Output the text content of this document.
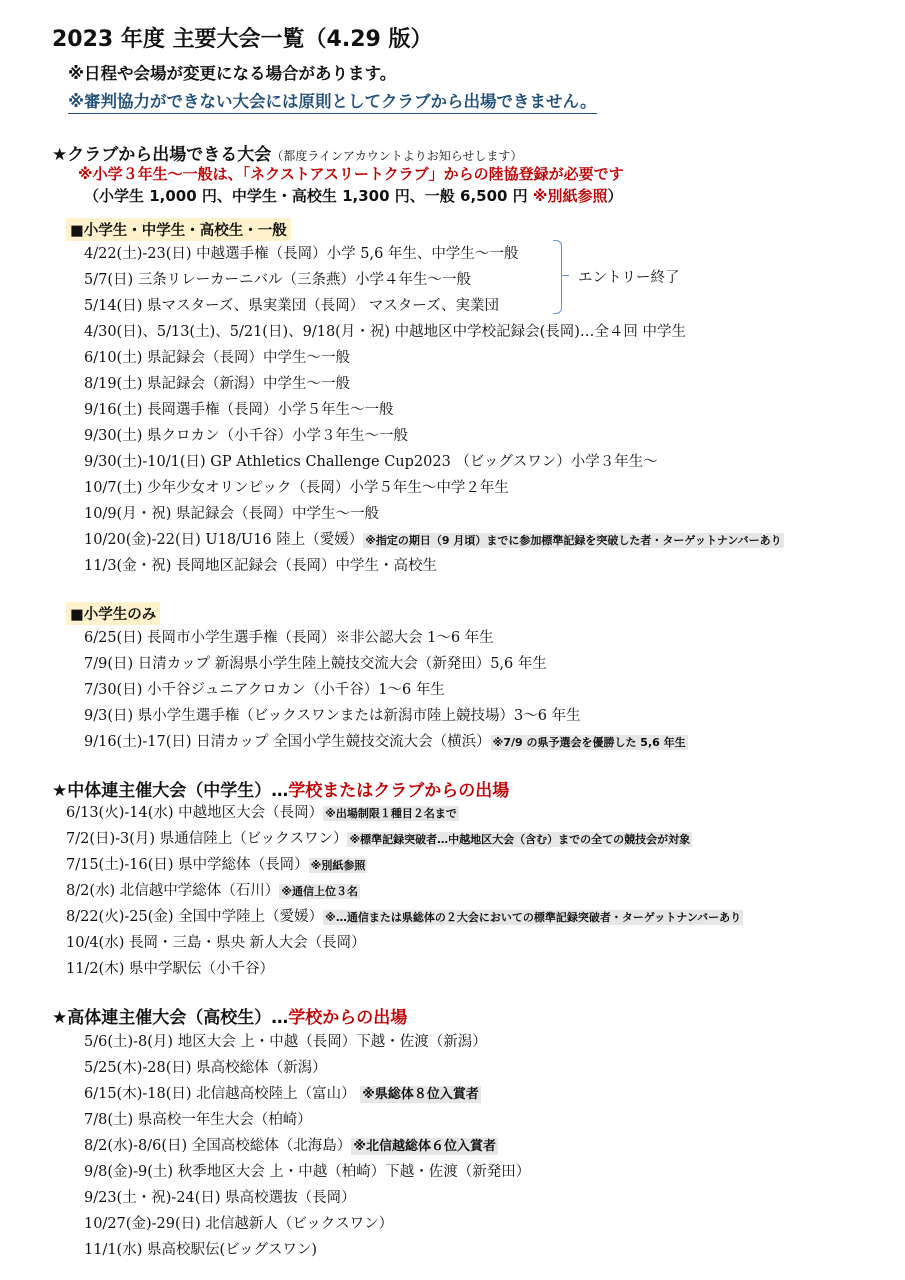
2023 年度 主要大会一覧（4.29 版）
※日程や会場が変更になる場合があります。
※審判協力ができない大会には原則としてクラブから出場できません。
★クラブから出場できる大会（都度ラインアカウントよりお知らせします）
※小学３年生～一般は、「ネクストアスリートクラブ」からの陸協登録が必要です
（小学生 1,000 円、中学生・高校生 1,300 円、一般 6,500 円 ※別紙参照）
■小学生・中学生・高校生・一般
4/22(土)-23(日) 中越選手権（長岡）小学 5,6 年生、中学生～一般
5/7(日) 三条リレーカーニバル（三条燕）小学４年生～一般
5/14(日) 県マスターズ、県実業団（長岡） マスターズ、実業団
エントリー終了
4/30(日)、5/13(土)、5/21(日)、9/18(月・祝) 中越地区中学校記録会(長岡)…全４回 中学生
6/10(土) 県記録会（長岡）中学生～一般
8/19(土) 県記録会（新潟）中学生～一般
9/16(土) 長岡選手権（長岡）小学５年生～一般
9/30(土) 県クロカン（小千谷）小学３年生～一般
9/30(土)-10/1(日) GP Athletics Challenge Cup2023 （ビッグスワン）小学３年生～
10/7(土) 少年少女オリンピック（長岡）小学５年生～中学２年生
10/9(月・祝) 県記録会（長岡）中学生～一般
10/20(金)-22(日) U18/U16 陸上（愛媛） ※指定の期日（9 月頃）までに参加標準記録を突破した者・ターゲットナンバーあり
11/3(金・祝) 長岡地区記録会（長岡）中学生・高校生
■小学生のみ
6/25(日) 長岡市小学生選手権（長岡）※非公認大会 1～6 年生
7/9(日) 日清カップ 新潟県小学生陸上競技交流大会（新発田）5,6 年生
7/30(日) 小千谷ジュニアクロカン（小千谷）1～6 年生
9/3(日) 県小学生選手権（ビックスワンまたは新潟市陸上競技場）3～6 年生
9/16(土)-17(日) 日清カップ 全国小学生競技交流大会（横浜） ※7/9 の県予選会を優勝した 5,6 年生
★中体連主催大会（中学生）…学校またはクラブからの出場
6/13(火)-14(水) 中越地区大会（長岡） ※出場制限１種目２名まで
7/2(日)-3(月) 県通信陸上（ビックスワン） ※標準記録突破者…中越地区大会（含む）までの全ての競技会が対象
7/15(土)-16(日) 県中学総体（長岡） ※別紙参照
8/2(水) 北信越中学総体（石川） ※通信上位３名
8/22(火)-25(金) 全国中学陸上（愛媛） ※…通信または県総体の２大会においての標準記録突破者・ターゲットナンバーあり
10/4(水) 長岡・三島・県央 新人大会（長岡）
11/2(木) 県中学駅伝（小千谷）
★高体連主催大会（高校生）…学校からの出場
5/6(土)-8(月) 地区大会 上・中越（長岡）下越・佐渡（新潟）
5/25(木)-28(日) 県高校総体（新潟）
6/15(木)-18(日) 北信越高校陸上（富山） ※県総体８位入賞者
7/8(土) 県高校一年生大会（柏崎）
8/2(水)-8/6(日) 全国高校総体（北海島） ※北信越総体６位入賞者
9/8(金)-9(土) 秋季地区大会 上・中越（柏崎）下越・佐渡（新発田）
9/23(土・祝)-24(日) 県高校選抜（長岡）
10/27(金)-29(日) 北信越新人（ビックスワン）
11/1(水) 県高校駅伝(ビッグスワン)
